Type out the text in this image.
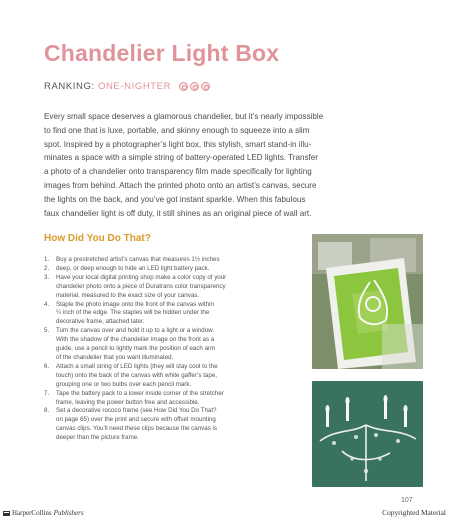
Chandelier Light Box
RANKING: ONE-NIGHTER
Every small space deserves a glamorous chandelier, but it’s nearly impossible
to find one that is luxe, portable, and skinny enough to squeeze into a slim
spot. Inspired by a photographer’s light box, this stylish, smart stand-in illu-
minates a space with a simple string of battery-operated LED lights. Transfer
a photo of a chandelier onto transparency film made specifically for lighting
images from behind. Attach the printed photo onto an artist’s canvas, secure
the lights on the back, and you’ve got instant sparkle. When this fabulous
faux chandelier light is off duty, it still shines as an original piece of wall art.
How Did You Do That?
1.	Buy a prestretched artist’s canvas that measures 1½ inches
2.	deep, or deep enough to hide an LED light battery pack.
3.	Have your local digital printing shop make a color copy of your
chandelier photo onto a piece of Duratrans color transparency
material, measured to the exact size of your canvas.
4.	Staple the photo image onto the front of the canvas within
¼ inch of the edge. The staples will be hidden under the
decorative frame, attached later.
5.	Turn the canvas over and hold it up to a light or a window.
With the shadow of the chandelier image on the front as a
guide, use a pencil to lightly mark the position of each arm
of the chandelier that you want illuminated.
6.	Attach a small string of LED lights (they will stay cool to the
touch) onto the back of the canvas with white gaffer’s tape,
grouping one or two bulbs over each pencil mark.
7.	Tape the battery pack to a lower inside corner of the stretcher
frame, leaving the power button free and accessible.
8.	Set a decorative rococo frame (see How Did You Do That?
on page 65) over the print and secure with offset mounting
canvas clips. You’ll need these clips because the canvas is
deeper than the picture frame.
107
HarperCollins Publishers	Copyrighted Material
